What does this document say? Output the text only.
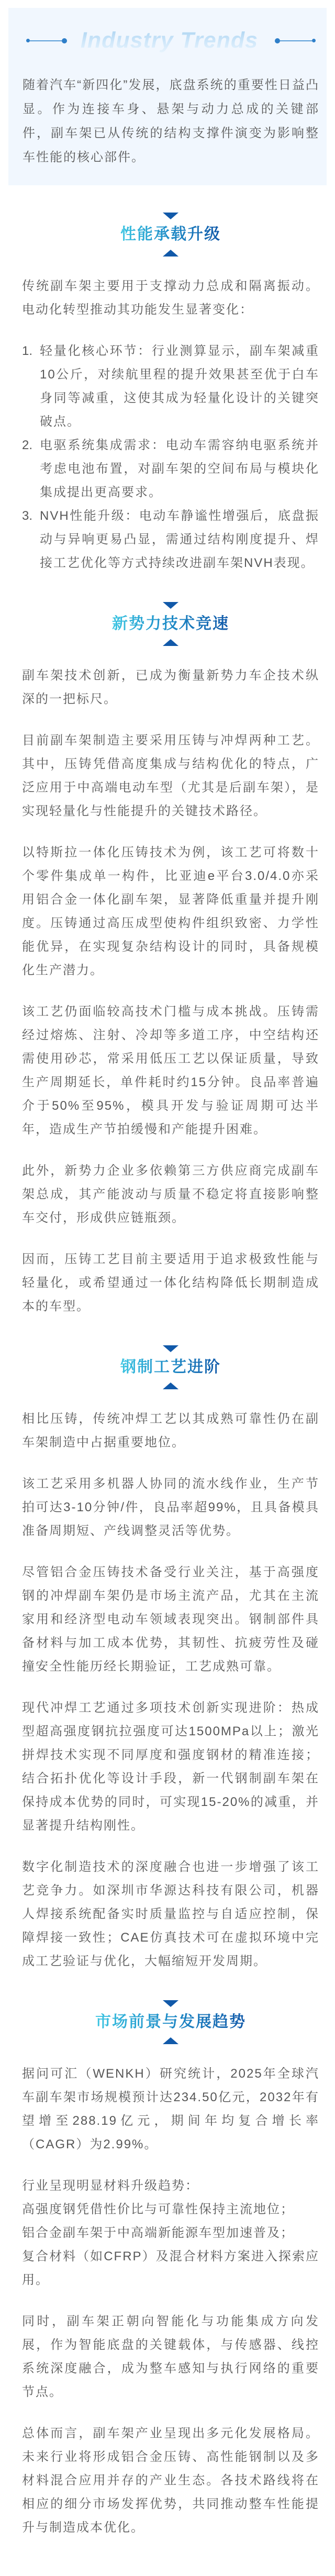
Industry Trends
随着汽车“新四化”发展，底盘系统的重要性日益凸显。作为连接车身、悬架与动力总成的关键部件，副车架已从传统的结构支撑件演变为影响整车性能的核心部件。
性能承载升级

传统副车架主要用于支撑动力总成和隔离振动。电动化转型推动其功能发生显著变化：

轻量化核心环节：行业测算显示，副车架减重10公斤，对续航里程的提升效果甚至优于白车身同等减重，这使其成为轻量化设计的关键突破点。
电驱系统集成需求：电动车需容纳电驱系统并考虑电池布置，对副车架的空间布局与模块化集成提出更高要求。
NVH性能升级：电动车静谧性增强后，底盘振动与异响更易凸显，需通过结构刚度提升、焊接工艺优化等方式持续改进副车架NVH表现。
新势力技术竞速

副车架技术创新，已成为衡量新势力车企技术纵深的一把标尺。

目前副车架制造主要采用压铸与冲焊两种工艺。其中，压铸凭借高度集成与结构优化的特点，广泛应用于中高端电动车型（尤其是后副车架），是实现轻量化与性能提升的关键技术路径。

以特斯拉一体化压铸技术为例，该工艺可将数十个零件集成单一构件，比亚迪e平台3.0/4.0亦采用铝合金一体化副车架，显著降低重量并提升刚度。压铸通过高压成型使构件组织致密、力学性能优异，在实现复杂结构设计的同时，具备规模化生产潜力。

该工艺仍面临较高技术门槛与成本挑战。压铸需经过熔炼、注射、冷却等多道工序，中空结构还需使用砂芯，常采用低压工艺以保证质量，导致生产周期延长，单件耗时约15分钟。良品率普遍介于50%至95%，模具开发与验证周期可达半年，造成生产节拍缓慢和产能提升困难。

此外，新势力企业多依赖第三方供应商完成副车架总成，其产能波动与质量不稳定将直接影响整车交付，形成供应链瓶颈。

因而，压铸工艺目前主要适用于追求极致性能与轻量化，或希望通过一体化结构降低长期制造成本的车型。

钢制工艺进阶

相比压铸，传统冲焊工艺以其成熟可靠性仍在副车架制造中占据重要地位。

该工艺采用多机器人协同的流水线作业，生产节拍可达3-10分钟/件，良品率超99%，且具备模具准备周期短、产线调整灵活等优势。

尽管铝合金压铸技术备受行业关注，基于高强度钢的冲焊副车架仍是市场主流产品，尤其在主流家用和经济型电动车领域表现突出。钢制部件具备材料与加工成本优势，其韧性、抗疲劳性及碰撞安全性能历经长期验证，工艺成熟可靠。

现代冲焊工艺通过多项技术创新实现进阶：热成型超高强度钢抗拉强度可达1500MPa以上；激光拼焊技术实现不同厚度和强度钢材的精准连接；结合拓扑优化等设计手段，新一代钢制副车架在保持成本优势的同时，可实现15-20%的减重，并显著提升结构刚性。

数字化制造技术的深度融合也进一步增强了该工艺竞争力。如深圳市华源达科技有限公司，机器人焊接系统配备实时质量监控与自适应控制，保障焊接一致性；CAE仿真技术可在虚拟环境中完成工艺验证与优化，大幅缩短开发周期。

市场前景与发展趋势

据问可汇（WENKH）研究统计，2025年全球汽车副车架市场规模预计达234.50亿元，2032年有望增至288.19亿元，期间年均复合增长率（CAGR）为2.99%。

行业呈现明显材料升级趋势：
高强度钢凭借性价比与可靠性保持主流地位；
铝合金副车架于中高端新能源车型加速普及；
复合材料（如CFRP）及混合材料方案进入探索应用。

同时，副车架正朝向智能化与功能集成方向发展，作为智能底盘的关键载体，与传感器、线控系统深度融合，成为整车感知与执行网络的重要节点。

总体而言，副车架产业呈现出多元化发展格局。未来行业将形成铝合金压铸、高性能钢制以及多材料混合应用并存的产业生态。各技术路线将在相应的细分市场发挥优势，共同推动整车性能提升与制造成本优化。
